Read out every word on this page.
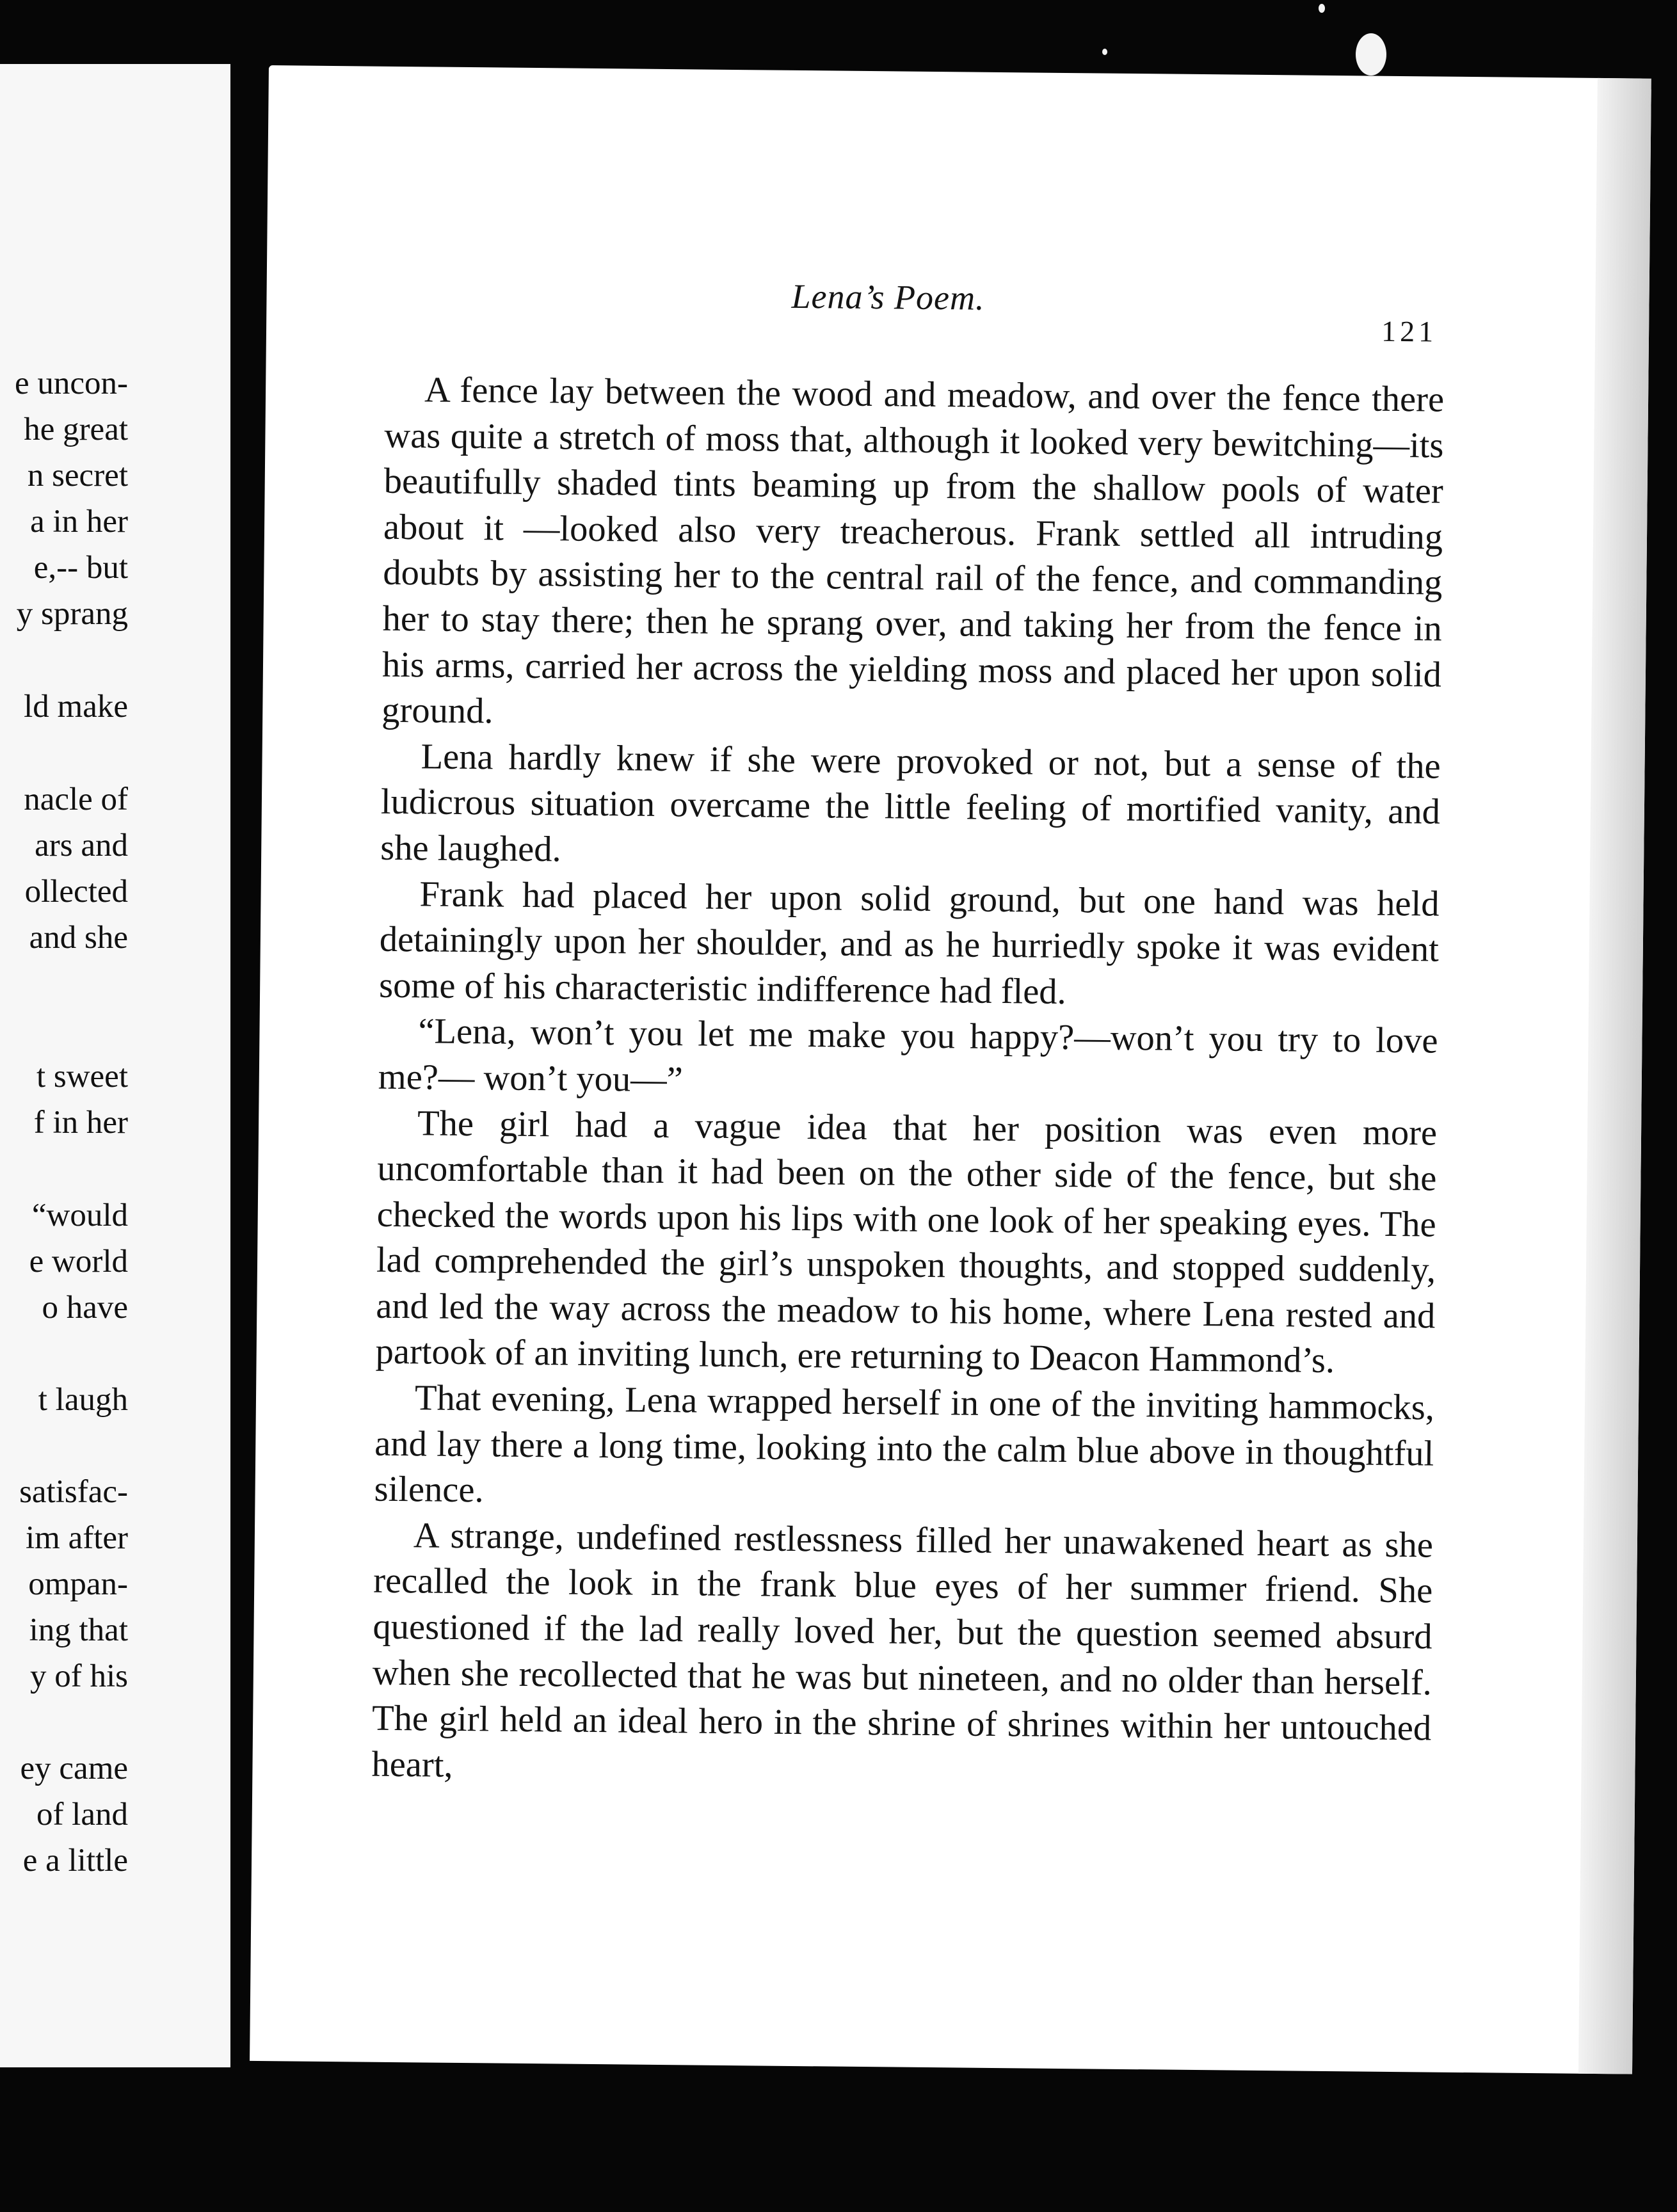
e uncon-
he great
n secret
a in her
e,-- but
y sprang
ld make
nacle of
ars and
ollected
and she
t sweet
f in her
“would
e world
o have
t laugh
satisfac-
im after
ompan-
ing that
y of his
ey came
of land
e a little
Lena’s Poem.
121

A fence lay between the wood and meadow, and over the fence there was quite a stretch of moss that, although it looked very bewitching—its beautifully shaded tints beaming up from the shallow pools of water about it —looked also very treacherous. Frank settled all intruding doubts by assisting her to the central rail of the fence, and commanding her to stay there; then he sprang over, and taking her from the fence in his arms, carried her across the yielding moss and placed her upon solid ground.

Lena hardly knew if she were provoked or not, but a sense of the ludicrous situation overcame the little feeling of mortified vanity, and she laughed.

Frank had placed her upon solid ground, but one hand was held detainingly upon her shoulder, and as he hurriedly spoke it was evident some of his characteristic indifference had fled.

“Lena, won’t you let me make you happy?—won’t you try to love me?— won’t you—”

The girl had a vague idea that her position was even more uncomfortable than it had been on the other side of the fence, but she checked the words upon his lips with one look of her speaking eyes. The lad comprehended the girl’s unspoken thoughts, and stopped suddenly, and led the way across the meadow to his home, where Lena rested and partook of an inviting lunch, ere returning to Deacon Hammond’s.

That evening, Lena wrapped herself in one of the inviting hammocks, and lay there a long time, looking into the calm blue above in thoughtful silence.

A strange, undefined restlessness filled her unawakened heart as she recalled the look in the frank blue eyes of her summer friend. She questioned if the lad really loved her, but the question seemed absurd when she recollected that he was but nineteen, and no older than herself. The girl held an ideal hero in the shrine of shrines within her untouched heart,
